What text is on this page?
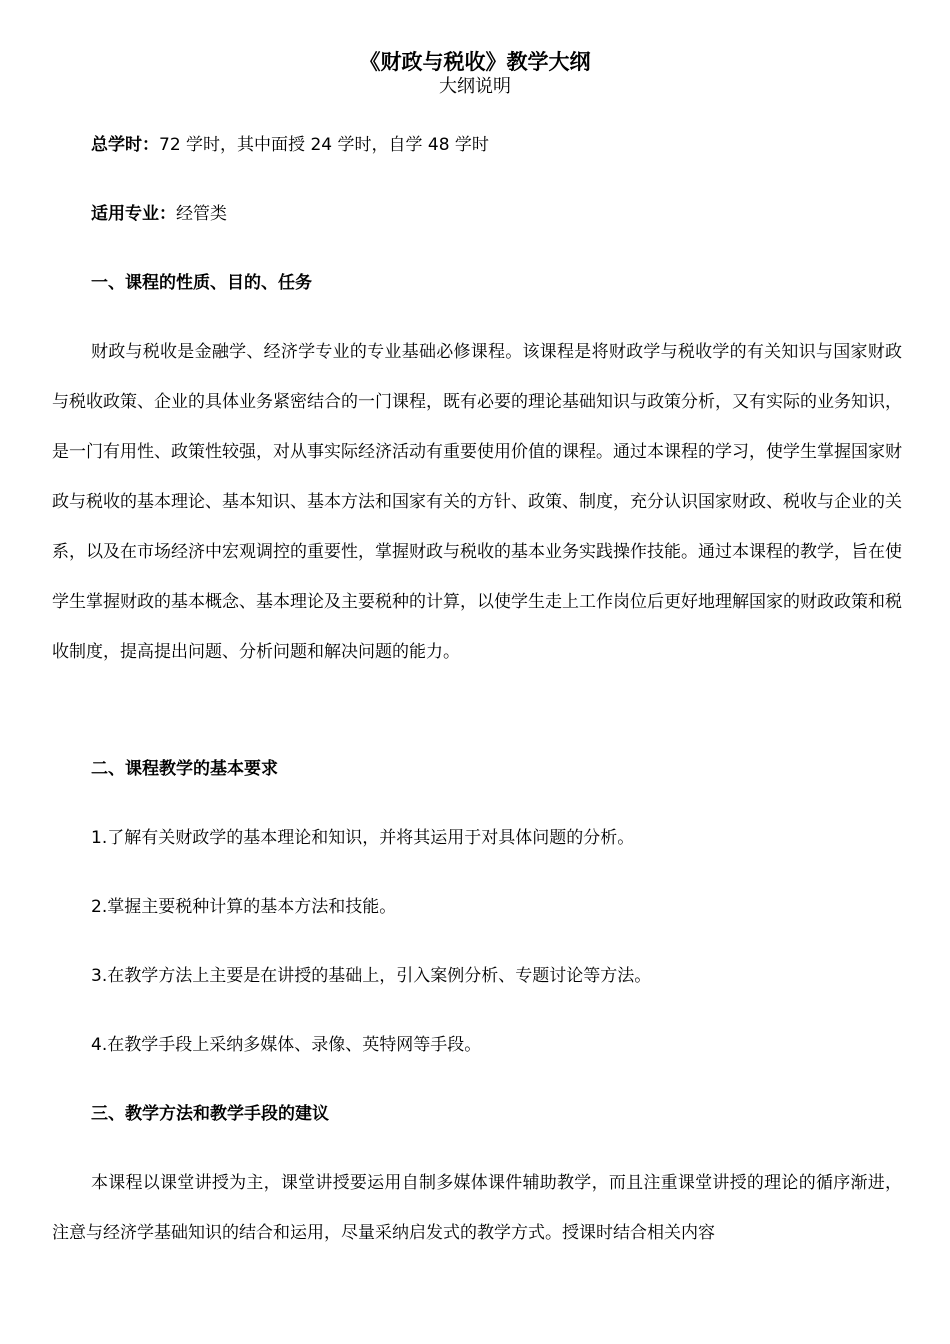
《财政与税收》教学大纲
大纲说明
总学时：72 学时，其中面授 24 学时，自学 48 学时
适用专业：经管类
一、课程的性质、目的、任务

财政与税收是金融学、经济学专业的专业基础必修课程。该课程是将财政学与税收学的有关知识与国家财政与税收政策、企业的具体业务紧密结合的一门课程，既有必要的理论基础知识与政策分析，又有实际的业务知识，是一门有用性、政策性较强，对从事实际经济活动有重要使用价值的课程。通过本课程的学习，使学生掌握国家财政与税收的基本理论、基本知识、基本方法和国家有关的方针、政策、制度，充分认识国家财政、税收与企业的关系，以及在市场经济中宏观调控的重要性，掌握财政与税收的基本业务实践操作技能。通过本课程的教学，旨在使学生掌握财政的基本概念、基本理论及主要税种的计算，以使学生走上工作岗位后更好地理解国家的财政政策和税收制度，提高提出问题、分析问题和解决问题的能力。

二、课程教学的基本要求
1.了解有关财政学的基本理论和知识，并将其运用于对具体问题的分析。
2.掌握主要税种计算的基本方法和技能。
3.在教学方法上主要是在讲授的基础上，引入案例分析、专题讨论等方法。
4.在教学手段上采纳多媒体、录像、英特网等手段。
三、教学方法和教学手段的建议

本课程以课堂讲授为主，课堂讲授要运用自制多媒体课件辅助教学，而且注重课堂讲授的理论的循序渐进，注意与经济学基础知识的结合和运用，尽量采纳启发式的教学方式。授课时结合相关内容
